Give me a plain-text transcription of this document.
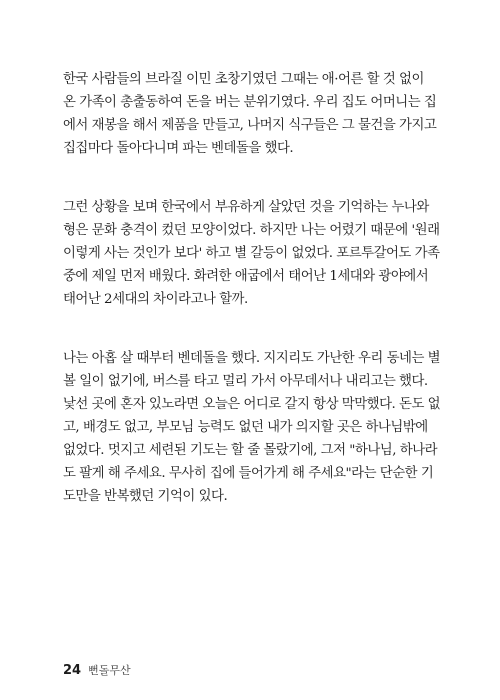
한국 사람들의 브라질 이민 초창기였던 그때는 애·어른 할 것 없이
온 가족이 총출동하여 돈을 버는 분위기였다. 우리 집도 어머니는 집
에서 재봉을 해서 제품을 만들고, 나머지 식구들은 그 물건을 가지고
집집마다 돌아다니며 파는 벤데돌을 했다.

그런 상황을 보며 한국에서 부유하게 살았던 것을 기억하는 누나와
형은 문화 충격이 컸던 모양이었다. 하지만 나는 어렸기 때문에 '원래
이렇게 사는 것인가 보다' 하고 별 갈등이 없었다. 포르투갈어도 가족
중에 제일 먼저 배웠다. 화려한 애굽에서 태어난 1세대와 광야에서
태어난 2세대의 차이라고나 할까.

나는 아홉 살 때부터 벤데돌을 했다. 지지리도 가난한 우리 동네는 별
볼 일이 없기에, 버스를 타고 멀리 가서 아무데서나 내리고는 했다.
낯선 곳에 혼자 있노라면 오늘은 어디로 갈지 항상 막막했다. 돈도 없
고, 배경도 없고, 부모님 능력도 없던 내가 의지할 곳은 하나님밖에
없었다. 멋지고 세련된 기도는 할 줄 몰랐기에, 그저 "하나님, 하나라
도 팔게 해 주세요. 무사히 집에 들어가게 해 주세요"라는 단순한 기
도만을 반복했던 기억이 있다.

24 뻔돌무산
